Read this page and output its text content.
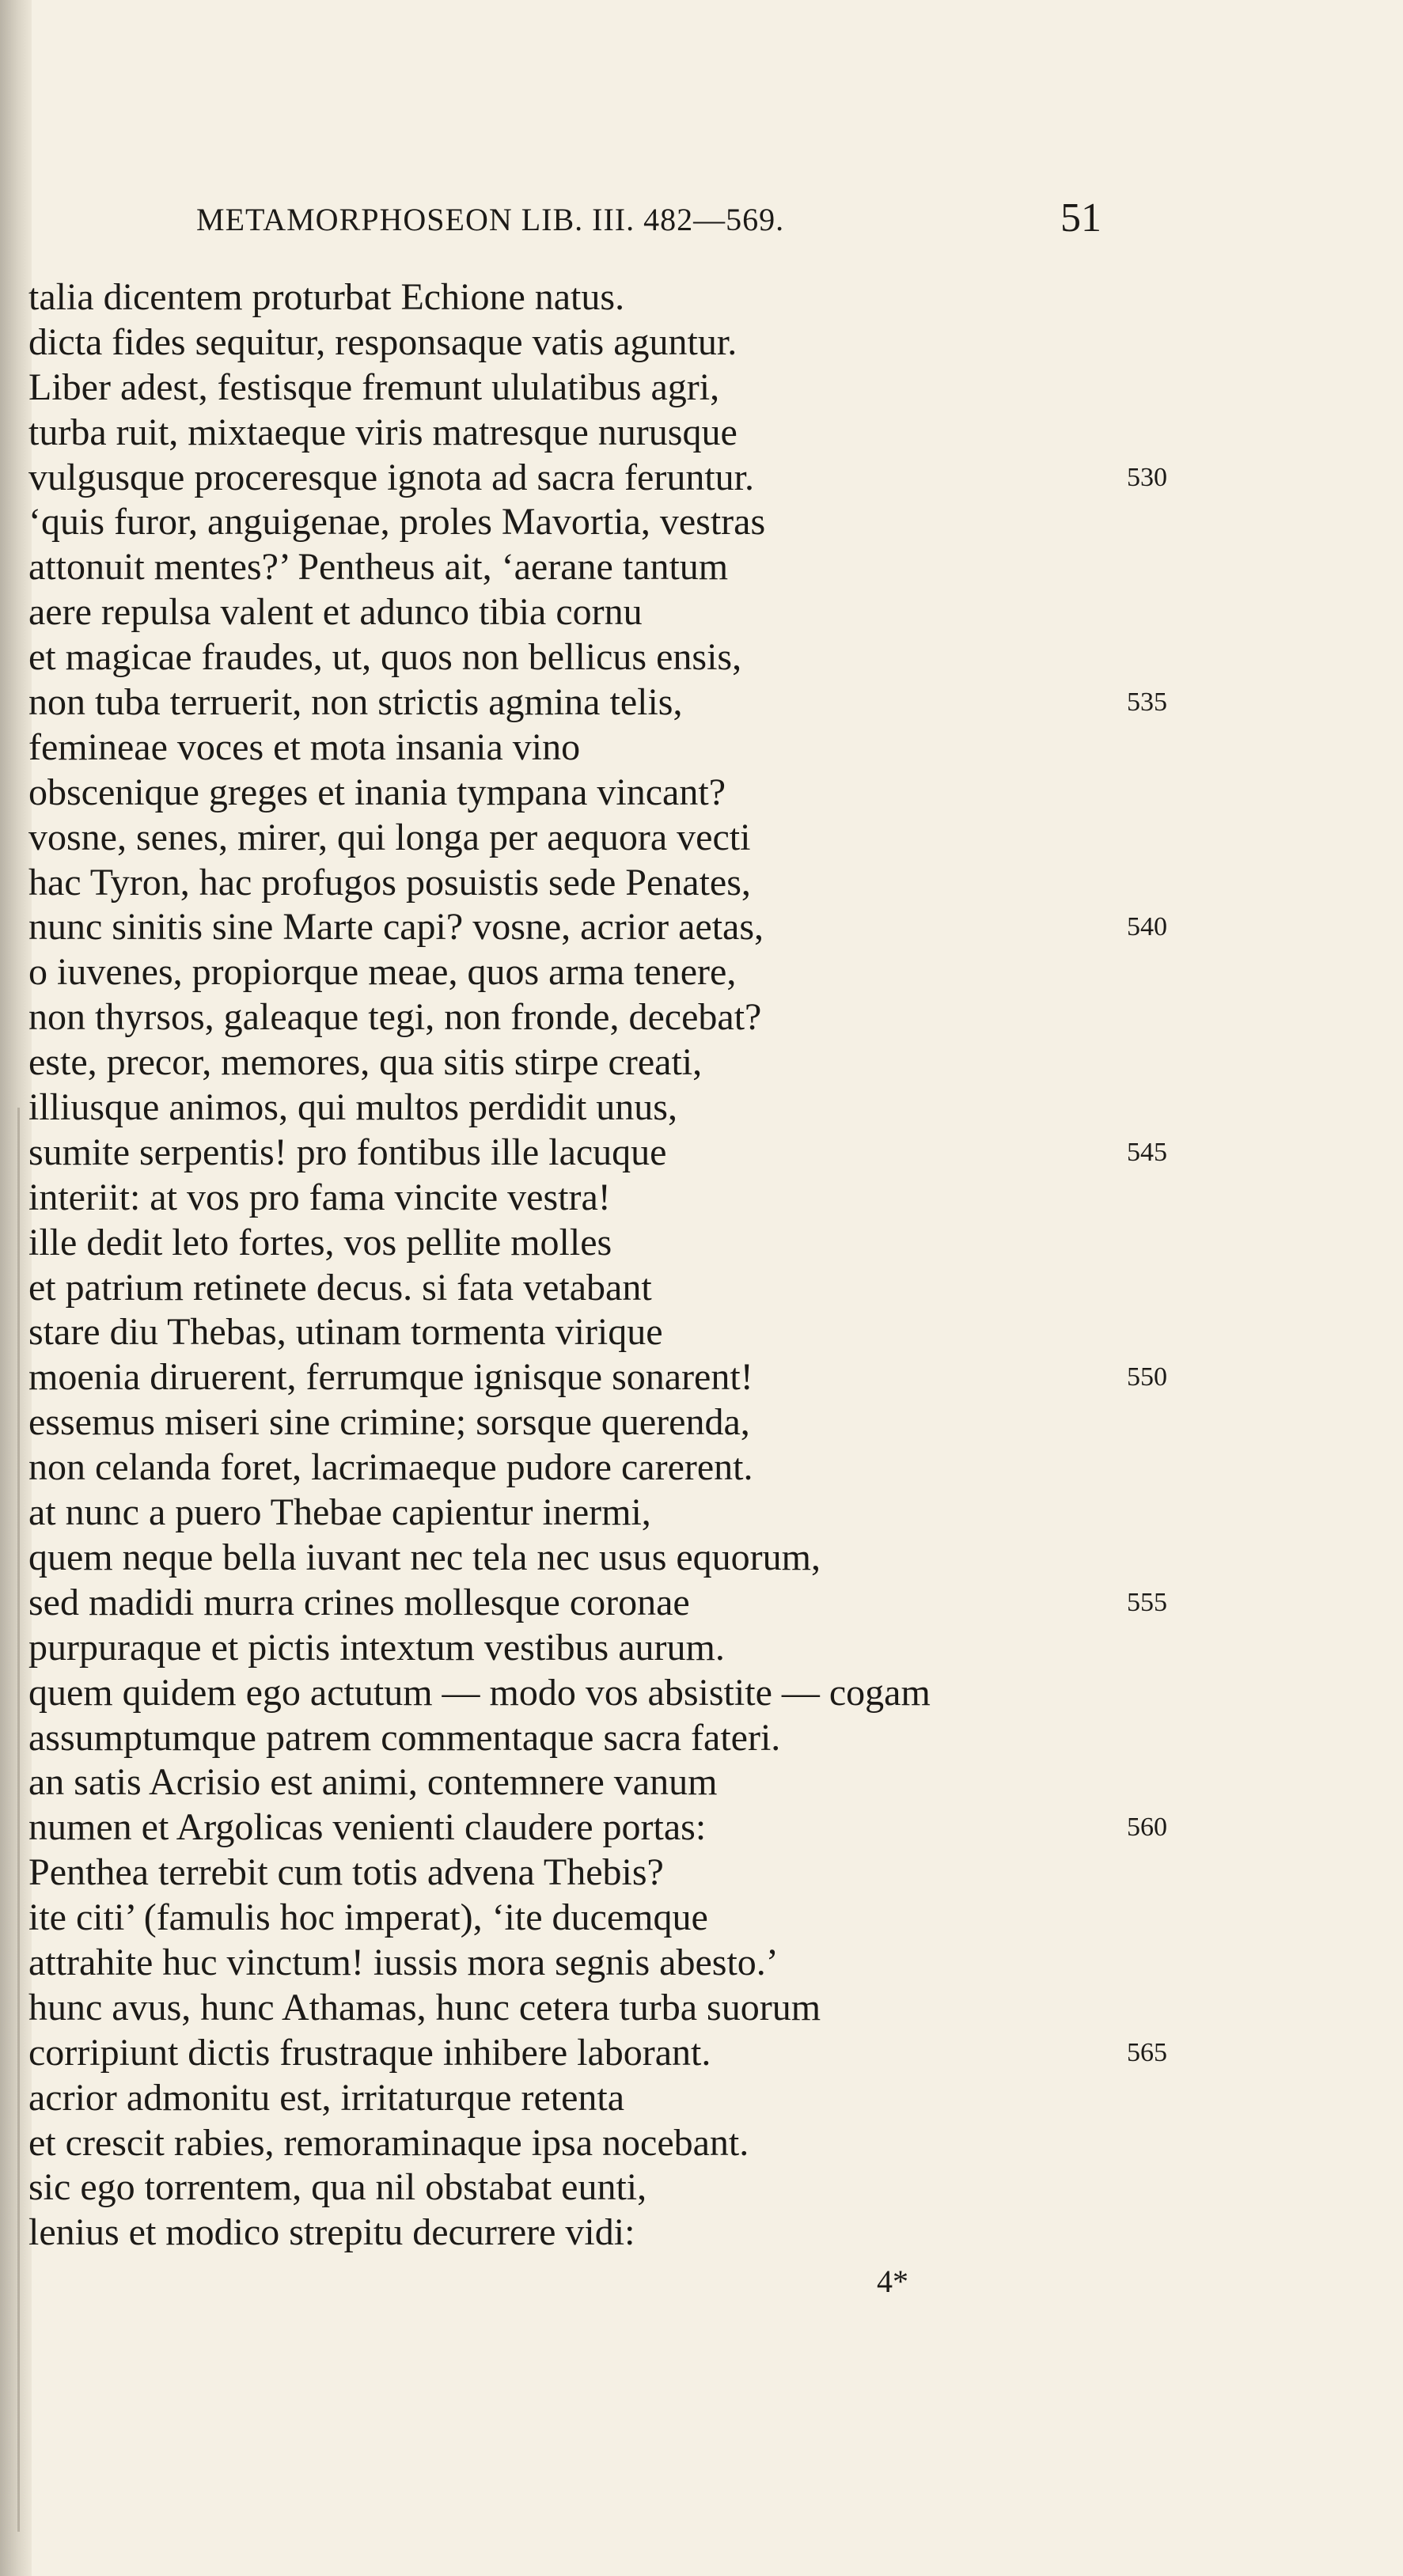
METAMORPHOSEON LIB. III. 482—569.	51
talia dicentem proturbat Echione natus.
dicta fides sequitur, responsaque vatis aguntur.
Liber adest, festisque fremunt ululatibus agri,
turba ruit, mixtaeque viris matresque nurusque
vulgusque proceresque ignota ad sacra feruntur.	530
‘quis furor, anguigenae, proles Mavortia, vestras
attonuit mentes?’ Pentheus ait, ‘aerane tantum
aere repulsa valent et adunco tibia cornu
et magicae fraudes, ut, quos non bellicus ensis,
non tuba terruerit, non strictis agmina telis,	535
femineae voces et mota insania vino
obscenique greges et inania tympana vincant?
vosne, senes, mirer, qui longa per aequora vecti
hac Tyron, hac profugos posuistis sede Penates,
nunc sinitis sine Marte capi? vosne, acrior aetas,	540
o iuvenes, propiorque meae, quos arma tenere,
non thyrsos, galeaque tegi, non fronde, decebat?
este, precor, memores, qua sitis stirpe creati,
illiusque animos, qui multos perdidit unus,
sumite serpentis! pro fontibus ille lacuque	545
interiit: at vos pro fama vincite vestra!
ille dedit leto fortes, vos pellite molles
et patrium retinete decus. si fata vetabant
stare diu Thebas, utinam tormenta virique
moenia diruerent, ferrumque ignisque sonarent!	550
essemus miseri sine crimine; sorsque querenda,
non celanda foret, lacrimaeque pudore carerent.
at nunc a puero Thebae capientur inermi,
quem neque bella iuvant nec tela nec usus equorum,
sed madidi murra crines mollesque coronae	555
purpuraque et pictis intextum vestibus aurum.
quem quidem ego actutum — modo vos absistite — cogam
assumptumque patrem commentaque sacra fateri.
an satis Acrisio est animi, contemnere vanum
numen et Argolicas venienti claudere portas:	560
Penthea terrebit cum totis advena Thebis?
ite citi’ (famulis hoc imperat), ‘ite ducemque
attrahite huc vinctum! iussis mora segnis abesto.’
hunc avus, hunc Athamas, hunc cetera turba suorum
corripiunt dictis frustraque inhibere laborant.	565
acrior admonitu est, irritaturque retenta
et crescit rabies, remoraminaque ipsa nocebant.
sic ego torrentem, qua nil obstabat eunti,
lenius et modico strepitu decurrere vidi:
4*
